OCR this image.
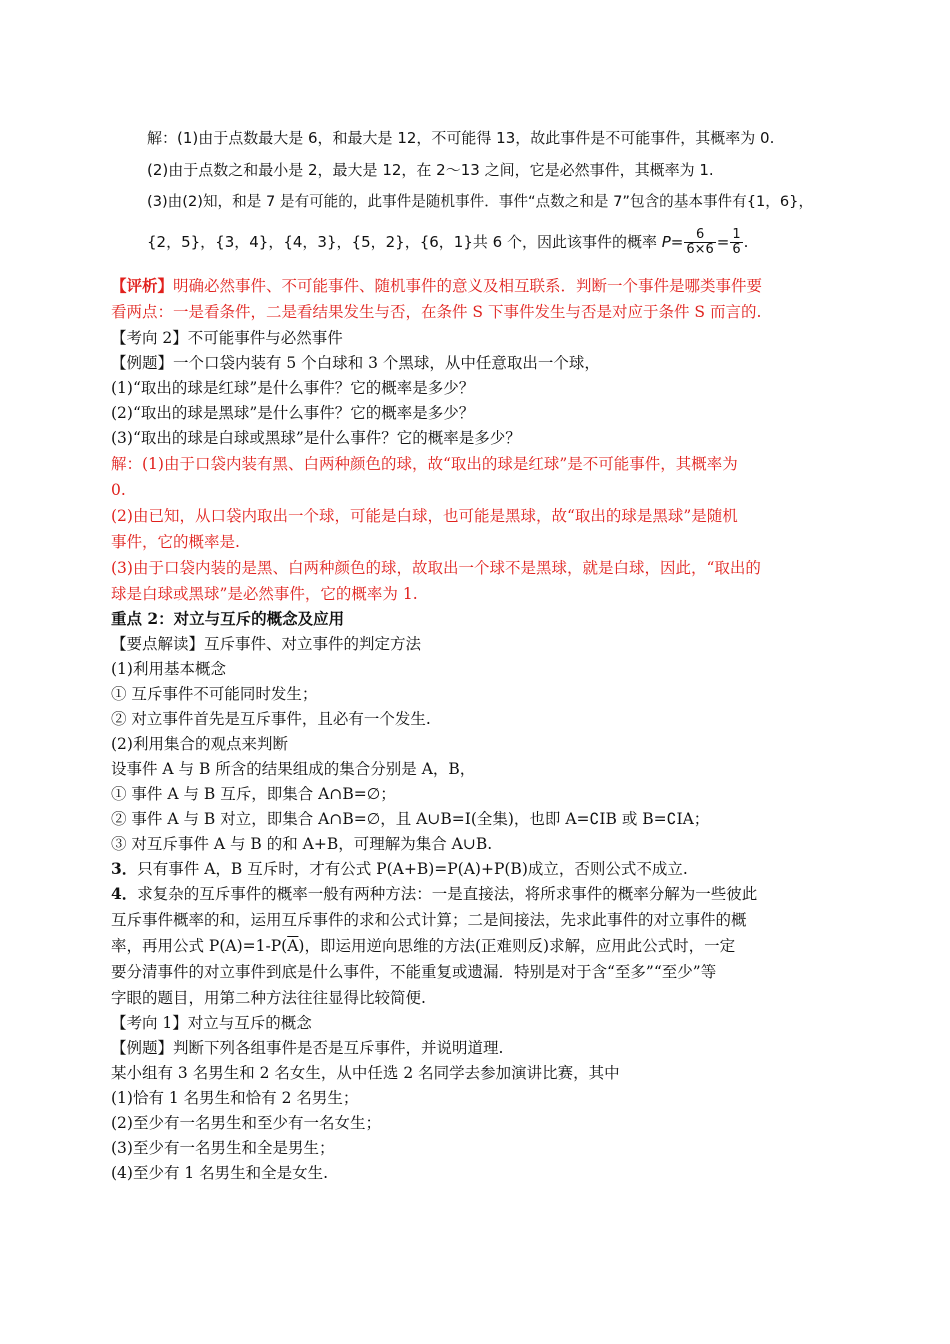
解：(1)由于点数最大是 6，和最大是 12，不可能得 13，故此事件是不可能事件，其概率为 0.
(2)由于点数之和最小是 2，最大是 12，在 2～13 之间，它是必然事件，其概率为 1.
(3)由(2)知，和是 7 是有可能的，此事件是随机事件．事件“点数之和是 7”包含的基本事件有{1，6}，
{2，5}，{3，4}，{4，3}，{5，2}，{6，1}共 6 个，因此该事件的概率 $P= \frac{6}{6\times 6} = \frac{1}{6}$ .
【评析】明确必然事件、不可能事件、随机事件的意义及相互联系．判断一个事件是哪类事件要
看两点：一是看条件，二是看结果发生与否，在条件 S 下事件发生与否是对应于条件 S 而言的.
【考向 2】不可能事件与必然事件
【例题】一个口袋内装有 5 个白球和 3 个黑球，从中任意取出一个球，
(1)“取出的球是红球”是什么事件？它的概率是多少？
(2)“取出的球是黑球”是什么事件？它的概率是多少？
(3)“取出的球是白球或黑球”是什么事件？它的概率是多少？
解：(1)由于口袋内装有黑、白两种颜色的球，故“取出的球是红球”是不可能事件，其概率为
0.
(2)由已知，从口袋内取出一个球，可能是白球，也可能是黑球，故“取出的球是黑球”是随机
事件，它的概率是.
(3)由于口袋内装的是黑、白两种颜色的球，故取出一个球不是黑球，就是白球，因此，“取出的
球是白球或黑球”是必然事件，它的概率为 1.
重点 2：对立与互斥的概念及应用
【要点解读】互斥事件、对立事件的判定方法
(1)利用基本概念
① 互斥事件不可能同时发生；
② 对立事件首先是互斥事件，且必有一个发生.
(2)利用集合的观点来判断
设事件 A 与 B 所含的结果组成的集合分别是 A，B，
① 事件 A 与 B 互斥，即集合 A∩B=∅；
② 事件 A 与 B 对立，即集合 A∩B=∅，且 A∪B=I(全集)，也即 A=∁IB 或 B=∁IA；
③ 对互斥事件 A 与 B 的和 A+B，可理解为集合 A∪B.
3．只有事件 A，B 互斥时，才有公式 P(A+B)=P(A)+P(B)成立，否则公式不成立.
4．求复杂的互斥事件的概率一般有两种方法：一是直接法，将所求事件的概率分解为一些彼此
互斥事件概率的和，运用互斥事件的求和公式计算；二是间接法，先求此事件的对立事件的概
率，再用公式 $P(A)=1-P(\overline{A})$，即运用逆向思维的方法(正难则反)求解，应用此公式时，一定
要分清事件的对立事件到底是什么事件，不能重复或遗漏．特别是对于含“至多”“至少”等
字眼的题目，用第二种方法往往显得比较简便.
【考向 1】对立与互斥的概念
【例题】判断下列各组事件是否是互斥事件，并说明道理.
某小组有 3 名男生和 2 名女生，从中任选 2 名同学去参加演讲比赛，其中
(1)恰有 1 名男生和恰有 2 名男生；
(2)至少有一名男生和至少有一名女生；
(3)至少有一名男生和全是男生；
(4)至少有 1 名男生和全是女生.
